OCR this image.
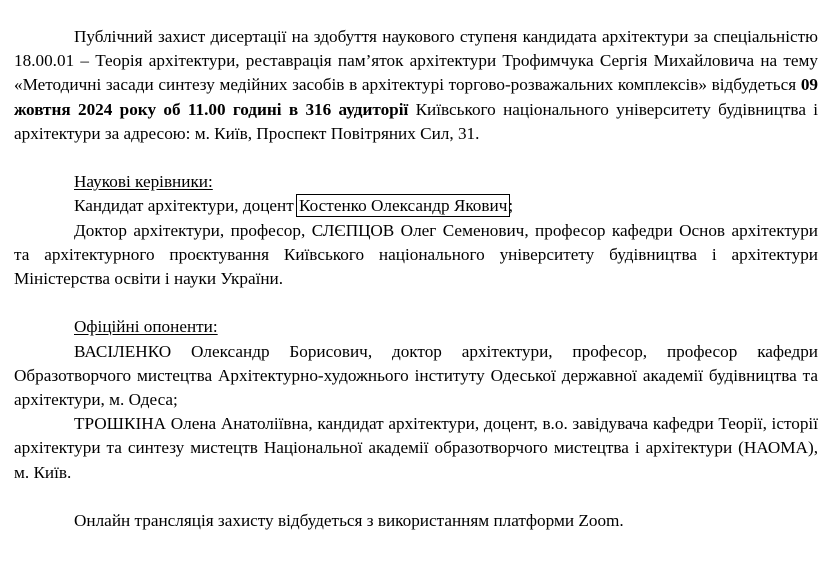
Публічний захист дисертації на здобуття наукового ступеня кандидата архітектури за спеціальністю 18.00.01 – Теорія архітектури, реставрація пам’яток архітектури Трофимчука Сергія Михайловича на тему «Методичні засади синтезу медійних засобів в архітектурі торгово-розважальних комплексів» відбудеться 09 жовтня 2024 року об 11.00 годині в 316 аудиторії Київського національного університету будівництва і архітектури за адресою: м. Київ, Проспект Повітряних Сил, 31.

Наукові керівники:

Кандидат архітектури, доцент Костенко Олександр Якович;

Доктор архітектури, професор, СЛЄПЦОВ Олег Семенович, професор кафедри Основ архітектури та архітектурного проєктування Київського національного університету будівництва і архітектури Міністерства освіти і науки України.

Офіційні опоненти:

ВАСІЛЕНКО Олександр Борисович, доктор архітектури, професор, професор кафедри Образотворчого мистецтва Архітектурно-художнього інституту Одеської державної академії будівництва та архітектури, м. Одеса;

ТРОШКІНА Олена Анатоліївна, кандидат архітектури, доцент, в.о. завідувача кафедри Теорії, історії архітектури та синтезу мистецтв Національної академії образотворчого мистецтва і архітектури (НАОМА), м. Київ.

Онлайн трансляція захисту відбудеться з використанням платформи Zoom.
